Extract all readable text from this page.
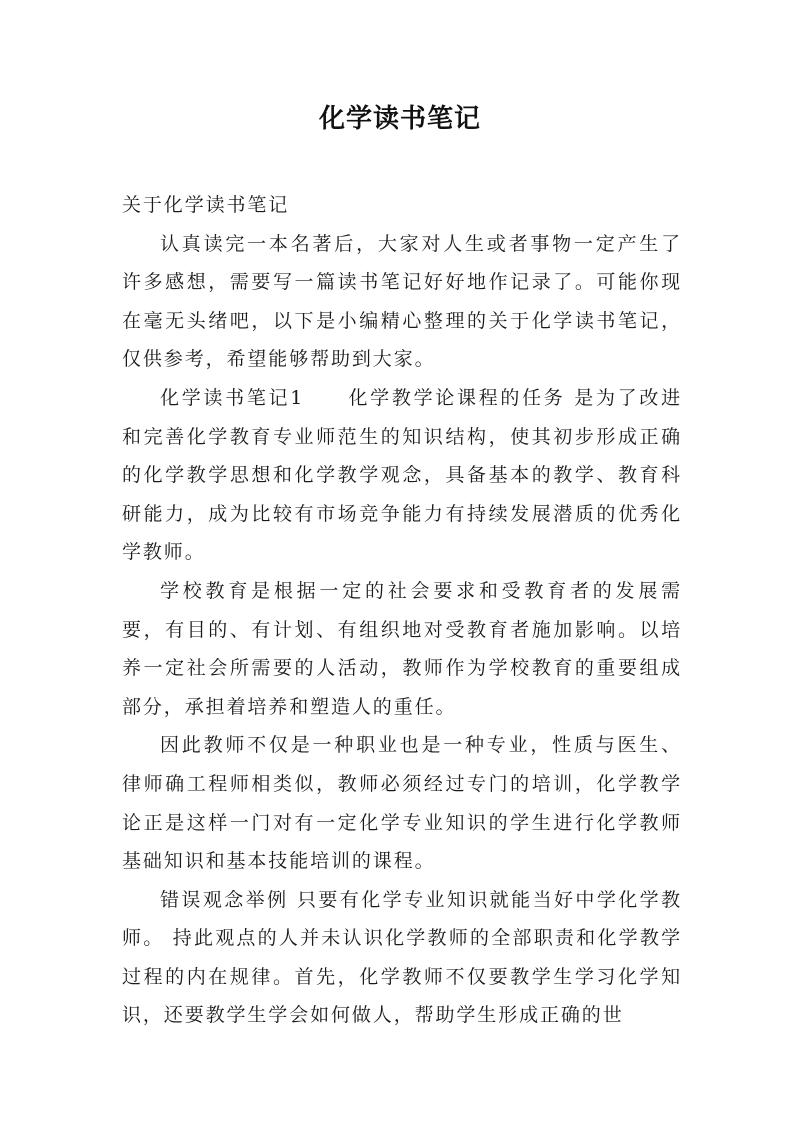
化学读书笔记

关于化学读书笔记

认真读完一本名著后，大家对人生或者事物一定产生了许多感想，需要写一篇读书笔记好好地作记录了。可能你现在毫无头绪吧，以下是小编精心整理的关于化学读书笔记，仅供参考，希望能够帮助到大家。

化学读书笔记1　　化学教学论课程的任务 是为了改进和完善化学教育专业师范生的知识结构，使其初步形成正确的化学教学思想和化学教学观念，具备基本的教学、教育科研能力，成为比较有市场竞争能力有持续发展潜质的优秀化学教师。

学校教育是根据一定的社会要求和受教育者的发展需要，有目的、有计划、有组织地对受教育者施加影响。以培养一定社会所需要的人活动，教师作为学校教育的重要组成部分，承担着培养和塑造人的重任。

因此教师不仅是一种职业也是一种专业，性质与医生、律师确工程师相类似，教师必须经过专门的培训，化学教学论正是这样一门对有一定化学专业知识的学生进行化学教师基础知识和基本技能培训的课程。

错误观念举例 只要有化学专业知识就能当好中学化学教师。 持此观点的人并未认识化学教师的全部职责和化学教学过程的内在规律。首先，化学教师不仅要教学生学习化学知识，还要教学生学会如何做人，帮助学生形成正确的世
